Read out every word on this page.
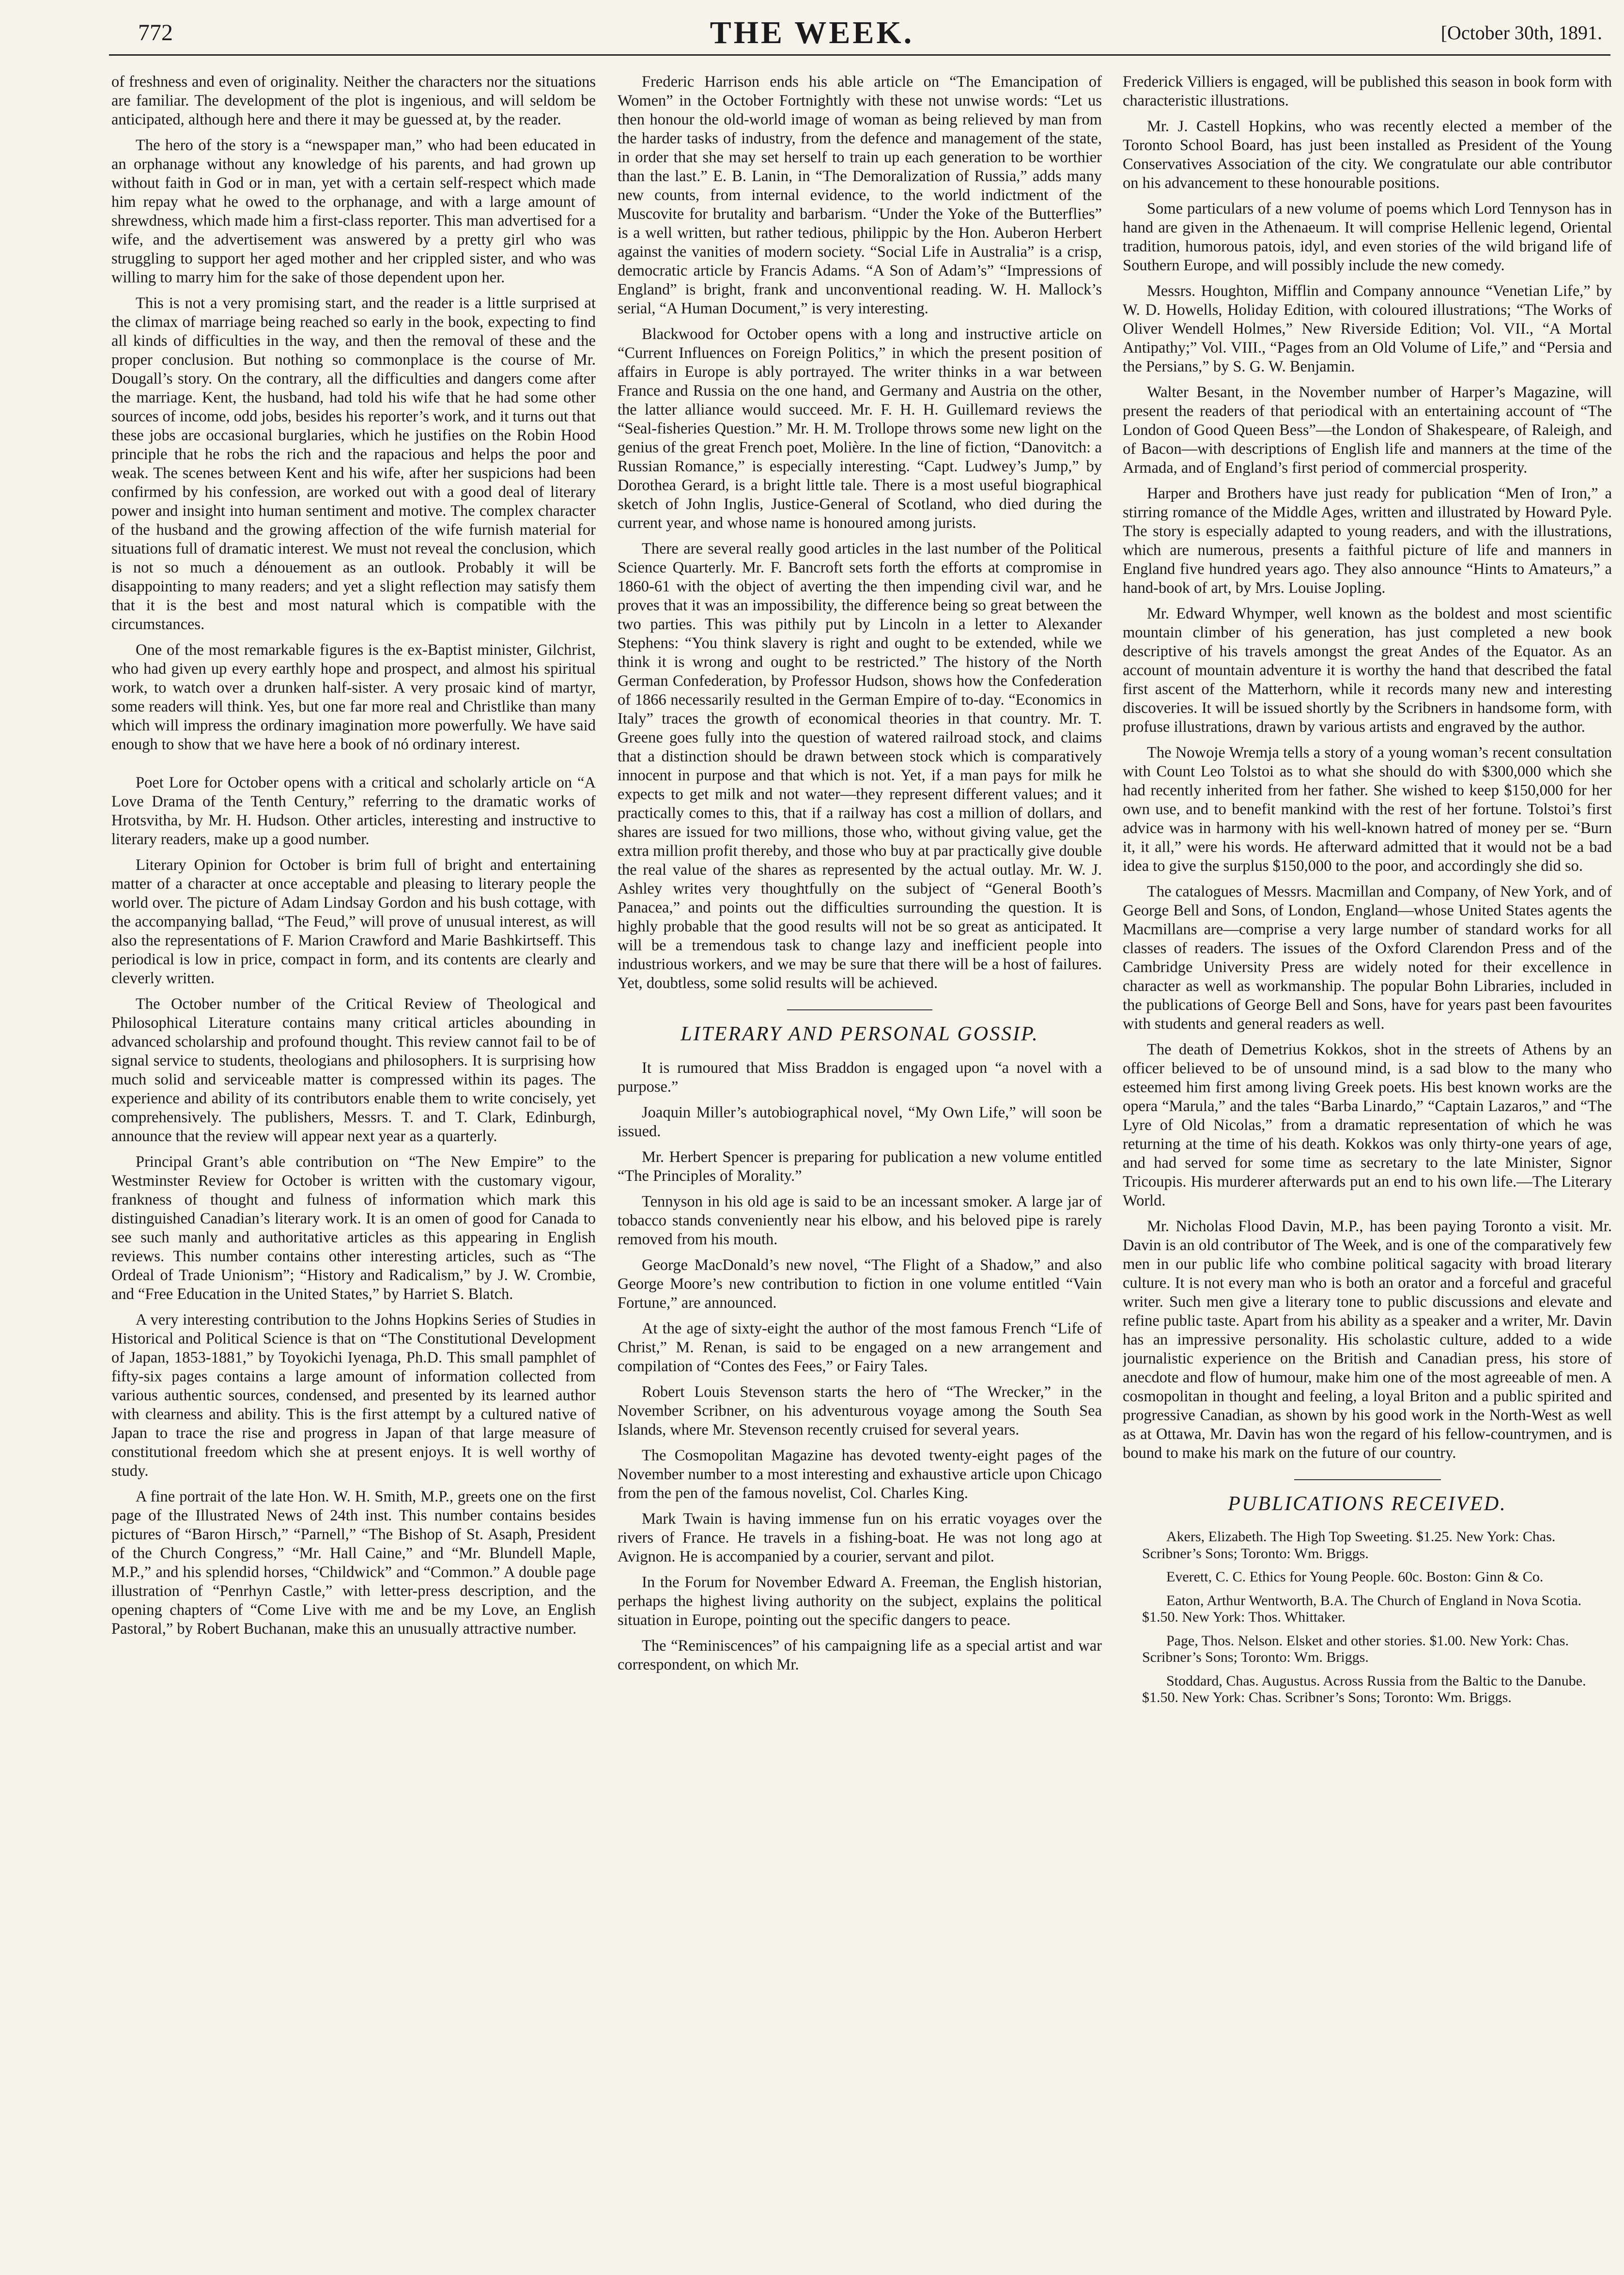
772	THE WEEK.	[October 30th, 1891.

of freshness and even of originality. Neither the characters nor the situations are familiar. The development of the plot is ingenious, and will seldom be anticipated, although here and there it may be guessed at, by the reader.

The hero of the story is a “newspaper man,” who had been educated in an orphanage without any knowledge of his parents, and had grown up without faith in God or in man, yet with a certain self-respect which made him repay what he owed to the orphanage, and with a large amount of shrewdness, which made him a first-class reporter. This man advertised for a wife, and the advertisement was answered by a pretty girl who was struggling to support her aged mother and her crippled sister, and who was willing to marry him for the sake of those dependent upon her.

This is not a very promising start, and the reader is a little surprised at the climax of marriage being reached so early in the book, expecting to find all kinds of difficulties in the way, and then the removal of these and the proper conclusion. But nothing so commonplace is the course of Mr. Dougall’s story. On the contrary, all the difficulties and dangers come after the marriage. Kent, the husband, had told his wife that he had some other sources of income, odd jobs, besides his reporter’s work, and it turns out that these jobs are occasional burglaries, which he justifies on the Robin Hood principle that he robs the rich and the rapacious and helps the poor and weak. The scenes between Kent and his wife, after her suspicions had been confirmed by his confession, are worked out with a good deal of literary power and insight into human sentiment and motive. The complex character of the husband and the growing affection of the wife furnish material for situations full of dramatic interest. We must not reveal the conclusion, which is not so much a dénouement as an outlook. Probably it will be disappointing to many readers; and yet a slight reflection may satisfy them that it is the best and most natural which is compatible with the circumstances.

One of the most remarkable figures is the ex-Baptist minister, Gilchrist, who had given up every earthly hope and prospect, and almost his spiritual work, to watch over a drunken half-sister. A very prosaic kind of martyr, some readers will think. Yes, but one far more real and Christlike than many which will impress the ordinary imagination more powerfully. We have said enough to show that we have here a book of nó ordinary interest.

Poet Lore for October opens with a critical and scholarly article on “A Love Drama of the Tenth Century,” referring to the dramatic works of Hrotsvitha, by Mr. H. Hudson. Other articles, interesting and instructive to literary readers, make up a good number.

Literary Opinion for October is brim full of bright and entertaining matter of a character at once acceptable and pleasing to literary people the world over. The picture of Adam Lindsay Gordon and his bush cottage, with the accompanying ballad, “The Feud,” will prove of unusual interest, as will also the representations of F. Marion Crawford and Marie Bashkirtseff. This periodical is low in price, compact in form, and its contents are clearly and cleverly written.

The October number of the Critical Review of Theological and Philosophical Literature contains many critical articles abounding in advanced scholarship and profound thought. This review cannot fail to be of signal service to students, theologians and philosophers. It is surprising how much solid and serviceable matter is compressed within its pages. The experience and ability of its contributors enable them to write concisely, yet comprehensively. The publishers, Messrs. T. and T. Clark, Edinburgh, announce that the review will appear next year as a quarterly.

Principal Grant’s able contribution on “The New Empire” to the Westminster Review for October is written with the customary vigour, frankness of thought and fulness of information which mark this distinguished Canadian’s literary work. It is an omen of good for Canada to see such manly and authoritative articles as this appearing in English reviews. This number contains other interesting articles, such as “The Ordeal of Trade Unionism”; “History and Radicalism,” by J. W. Crombie, and “Free Education in the United States,” by Harriet S. Blatch.

A very interesting contribution to the Johns Hopkins Series of Studies in Historical and Political Science is that on “The Constitutional Development of Japan, 1853-1881,” by Toyokichi Iyenaga, Ph.D. This small pamphlet of fifty-six pages contains a large amount of information collected from various authentic sources, condensed, and presented by its learned author with clearness and ability. This is the first attempt by a cultured native of Japan to trace the rise and progress in Japan of that large measure of constitutional freedom which she at present enjoys. It is well worthy of study.

A fine portrait of the late Hon. W. H. Smith, M.P., greets one on the first page of the Illustrated News of 24th inst. This number contains besides pictures of “Baron Hirsch,” “Parnell,” “The Bishop of St. Asaph, President of the Church Congress,” “Mr. Hall Caine,” and “Mr. Blundell Maple, M.P.,” and his splendid horses, “Childwick” and “Common.” A double page illustration of “Penrhyn Castle,” with letter-press description, and the opening chapters of “Come Live with me and be my Love, an English Pastoral,” by Robert Buchanan, make this an unusually attractive number.

Frederic Harrison ends his able article on “The Emancipation of Women” in the October Fortnightly with these not unwise words: “Let us then honour the old-world image of woman as being relieved by man from the harder tasks of industry, from the defence and management of the state, in order that she may set herself to train up each generation to be worthier than the last.” E. B. Lanin, in “The Demoralization of Russia,” adds many new counts, from internal evidence, to the world indictment of the Muscovite for brutality and barbarism. “Under the Yoke of the Butterflies” is a well written, but rather tedious, philippic by the Hon. Auberon Herbert against the vanities of modern society. “Social Life in Australia” is a crisp, democratic article by Francis Adams. “A Son of Adam’s” “Impressions of England” is bright, frank and unconventional reading. W. H. Mallock’s serial, “A Human Document,” is very interesting.

Blackwood for October opens with a long and instructive article on “Current Influences on Foreign Politics,” in which the present position of affairs in Europe is ably portrayed. The writer thinks in a war between France and Russia on the one hand, and Germany and Austria on the other, the latter alliance would succeed. Mr. F. H. H. Guillemard reviews the “Seal-fisheries Question.” Mr. H. M. Trollope throws some new light on the genius of the great French poet, Molière. In the line of fiction, “Danovitch: a Russian Romance,” is especially interesting. “Capt. Ludwey’s Jump,” by Dorothea Gerard, is a bright little tale. There is a most useful biographical sketch of John Inglis, Justice-General of Scotland, who died during the current year, and whose name is honoured among jurists.

There are several really good articles in the last number of the Political Science Quarterly. Mr. F. Bancroft sets forth the efforts at compromise in 1860-61 with the object of averting the then impending civil war, and he proves that it was an impossibility, the difference being so great between the two parties. This was pithily put by Lincoln in a letter to Alexander Stephens: “You think slavery is right and ought to be extended, while we think it is wrong and ought to be restricted.” The history of the North German Confederation, by Professor Hudson, shows how the Confederation of 1866 necessarily resulted in the German Empire of to-day. “Economics in Italy” traces the growth of economical theories in that country. Mr. T. Greene goes fully into the question of watered railroad stock, and claims that a distinction should be drawn between stock which is comparatively innocent in purpose and that which is not. Yet, if a man pays for milk he expects to get milk and not water—they represent different values; and it practically comes to this, that if a railway has cost a million of dollars, and shares are issued for two millions, those who, without giving value, get the extra million profit thereby, and those who buy at par practically give double the real value of the shares as represented by the actual outlay. Mr. W. J. Ashley writes very thoughtfully on the subject of “General Booth’s Panacea,” and points out the difficulties surrounding the question. It is highly probable that the good results will not be so great as anticipated. It will be a tremendous task to change lazy and inefficient people into industrious workers, and we may be sure that there will be a host of failures. Yet, doubtless, some solid results will be achieved.

LITERARY AND PERSONAL GOSSIP.

It is rumoured that Miss Braddon is engaged upon “a novel with a purpose.”

Joaquin Miller’s autobiographical novel, “My Own Life,” will soon be issued.

Mr. Herbert Spencer is preparing for publication a new volume entitled “The Principles of Morality.”

Tennyson in his old age is said to be an incessant smoker. A large jar of tobacco stands conveniently near his elbow, and his beloved pipe is rarely removed from his mouth.

George MacDonald’s new novel, “The Flight of a Shadow,” and also George Moore’s new contribution to fiction in one volume entitled “Vain Fortune,” are announced.

At the age of sixty-eight the author of the most famous French “Life of Christ,” M. Renan, is said to be engaged on a new arrangement and compilation of “Contes des Fees,” or Fairy Tales.

Robert Louis Stevenson starts the hero of “The Wrecker,” in the November Scribner, on his adventurous voyage among the South Sea Islands, where Mr. Stevenson recently cruised for several years.

The Cosmopolitan Magazine has devoted twenty-eight pages of the November number to a most interesting and exhaustive article upon Chicago from the pen of the famous novelist, Col. Charles King.

Mark Twain is having immense fun on his erratic voyages over the rivers of France. He travels in a fishing-boat. He was not long ago at Avignon. He is accompanied by a courier, servant and pilot.

In the Forum for November Edward A. Freeman, the English historian, perhaps the highest living authority on the subject, explains the political situation in Europe, pointing out the specific dangers to peace.

The “Reminiscences” of his campaigning life as a special artist and war correspondent, on which Mr.

Frederick Villiers is engaged, will be published this season in book form with characteristic illustrations.

Mr. J. Castell Hopkins, who was recently elected a member of the Toronto School Board, has just been installed as President of the Young Conservatives Association of the city. We congratulate our able contributor on his advancement to these honourable positions.

Some particulars of a new volume of poems which Lord Tennyson has in hand are given in the Athenaeum. It will comprise Hellenic legend, Oriental tradition, humorous patois, idyl, and even stories of the wild brigand life of Southern Europe, and will possibly include the new comedy.

Messrs. Houghton, Mifflin and Company announce “Venetian Life,” by W. D. Howells, Holiday Edition, with coloured illustrations; “The Works of Oliver Wendell Holmes,” New Riverside Edition; Vol. VII., “A Mortal Antipathy;” Vol. VIII., “Pages from an Old Volume of Life,” and “Persia and the Persians,” by S. G. W. Benjamin.

Walter Besant, in the November number of Harper’s Magazine, will present the readers of that periodical with an entertaining account of “The London of Good Queen Bess”—the London of Shakespeare, of Raleigh, and of Bacon—with descriptions of English life and manners at the time of the Armada, and of England’s first period of commercial prosperity.

Harper and Brothers have just ready for publication “Men of Iron,” a stirring romance of the Middle Ages, written and illustrated by Howard Pyle. The story is especially adapted to young readers, and with the illustrations, which are numerous, presents a faithful picture of life and manners in England five hundred years ago. They also announce “Hints to Amateurs,” a hand-book of art, by Mrs. Louise Jopling.

Mr. Edward Whymper, well known as the boldest and most scientific mountain climber of his generation, has just completed a new book descriptive of his travels amongst the great Andes of the Equator. As an account of mountain adventure it is worthy the hand that described the fatal first ascent of the Matterhorn, while it records many new and interesting discoveries. It will be issued shortly by the Scribners in handsome form, with profuse illustrations, drawn by various artists and engraved by the author.

The Nowoje Wremja tells a story of a young woman’s recent consultation with Count Leo Tolstoi as to what she should do with $300,000 which she had recently inherited from her father. She wished to keep $150,000 for her own use, and to benefit mankind with the rest of her fortune. Tolstoi’s first advice was in harmony with his well-known hatred of money per se. “Burn it, it all,” were his words. He afterward admitted that it would not be a bad idea to give the surplus $150,000 to the poor, and accordingly she did so.

The catalogues of Messrs. Macmillan and Company, of New York, and of George Bell and Sons, of London, England—whose United States agents the Macmillans are—comprise a very large number of standard works for all classes of readers. The issues of the Oxford Clarendon Press and of the Cambridge University Press are widely noted for their excellence in character as well as workmanship. The popular Bohn Libraries, included in the publications of George Bell and Sons, have for years past been favourites with students and general readers as well.

The death of Demetrius Kokkos, shot in the streets of Athens by an officer believed to be of unsound mind, is a sad blow to the many who esteemed him first among living Greek poets. His best known works are the opera “Marula,” and the tales “Barba Linardo,” “Captain Lazaros,” and “The Lyre of Old Nicolas,” from a dramatic representation of which he was returning at the time of his death. Kokkos was only thirty-one years of age, and had served for some time as secretary to the late Minister, Signor Tricoupis. His murderer afterwards put an end to his own life.—The Literary World.

Mr. Nicholas Flood Davin, M.P., has been paying Toronto a visit. Mr. Davin is an old contributor of The Week, and is one of the comparatively few men in our public life who combine political sagacity with broad literary culture. It is not every man who is both an orator and a forceful and graceful writer. Such men give a literary tone to public discussions and elevate and refine public taste. Apart from his ability as a speaker and a writer, Mr. Davin has an impressive personality. His scholastic culture, added to a wide journalistic experience on the British and Canadian press, his store of anecdote and flow of humour, make him one of the most agreeable of men. A cosmopolitan in thought and feeling, a loyal Briton and a public spirited and progressive Canadian, as shown by his good work in the North-West as well as at Ottawa, Mr. Davin has won the regard of his fellow-countrymen, and is bound to make his mark on the future of our country.

PUBLICATIONS RECEIVED.

Akers, Elizabeth. The High Top Sweeting. $1.25. New York: Chas. Scribner’s Sons; Toronto: Wm. Briggs.

Everett, C. C. Ethics for Young People. 60c. Boston: Ginn & Co.

Eaton, Arthur Wentworth, B.A. The Church of England in Nova Scotia. $1.50. New York: Thos. Whittaker.

Page, Thos. Nelson. Elsket and other stories. $1.00. New York: Chas. Scribner’s Sons; Toronto: Wm. Briggs.

Stoddard, Chas. Augustus. Across Russia from the Baltic to the Danube. $1.50. New York: Chas. Scribner’s Sons; Toronto: Wm. Briggs.
